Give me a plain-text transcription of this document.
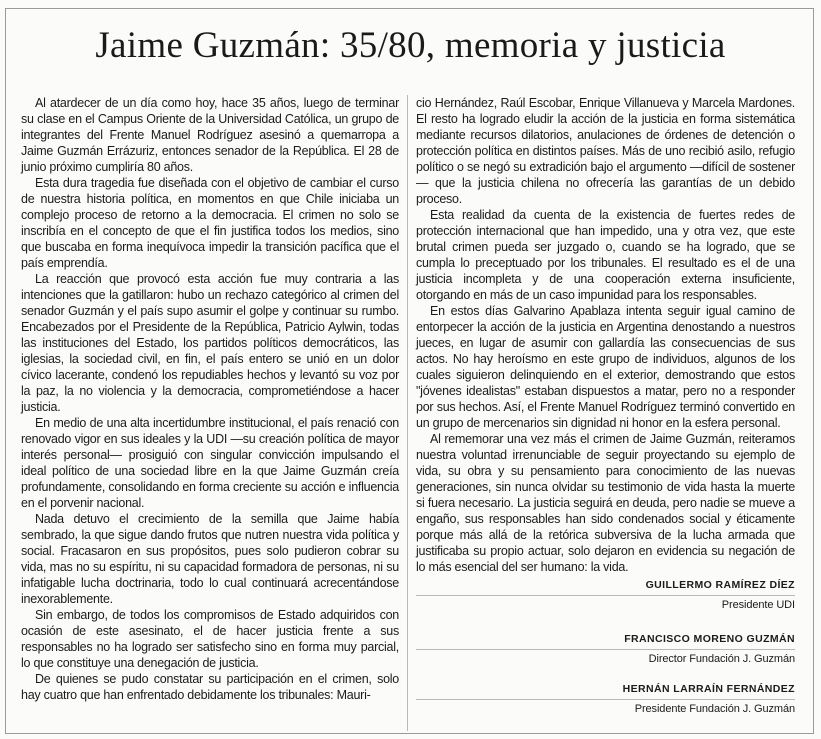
Jaime Guzmán: 35/80, memoria y justicia

Al atardecer de un día como hoy, hace 35 años, luego de terminar su clase en el Campus Oriente de la Universidad Católica, un grupo de integrantes del Frente Manuel Rodríguez asesinó a quemarropa a Jaime Guzmán Errázuriz, entonces senador de la República. El 28 de junio próximo cumpliría 80 años.

Esta dura tragedia fue diseñada con el objetivo de cambiar el curso de nuestra historia política, en momentos en que Chile iniciaba un complejo proceso de retorno a la democracia. El crimen no solo se inscribía en el concepto de que el fin justifica todos los medios, sino que buscaba en forma inequívoca impedir la transición pacífica que el país emprendía.

La reacción que provocó esta acción fue muy contraria a las intenciones que la gatillaron: hubo un rechazo categórico al crimen del senador Guzmán y el país supo asumir el golpe y continuar su rumbo. Encabezados por el Presidente de la República, Patricio Aylwin, todas las instituciones del Estado, los partidos políticos democráticos, las iglesias, la sociedad civil, en fin, el país entero se unió en un dolor cívico lacerante, condenó los repudiables hechos y levantó su voz por la paz, la no violencia y la democracia, comprometiéndose a hacer justicia.

En medio de una alta incertidumbre institucional, el país renació con renovado vigor en sus ideales y la UDI —su creación política de mayor interés personal— prosiguió con singular convicción impulsando el ideal político de una sociedad libre en la que Jaime Guzmán creía profundamente, consolidando en forma creciente su acción e influencia en el porvenir nacional.

Nada detuvo el crecimiento de la semilla que Jaime había sembrado, la que sigue dando frutos que nutren nuestra vida política y social. Fracasaron en sus propósitos, pues solo pudieron cobrar su vida, mas no su espíritu, ni su capacidad formadora de personas, ni su infatigable lucha doctrinaria, todo lo cual continuará acrecentándose inexorablemente.

Sin embargo, de todos los compromisos de Estado adquiridos con ocasión de este asesinato, el de hacer justicia frente a sus responsables no ha logrado ser satisfecho sino en forma muy parcial, lo que constituye una denegación de justicia.

De quienes se pudo constatar su participación en el crimen, solo hay cuatro que han enfrentado debidamente los tribunales: Mauri-

cio Hernández, Raúl Escobar, Enrique Villanueva y Marcela Mardones. El resto ha logrado eludir la acción de la justicia en forma sistemática mediante recursos dilatorios, anulaciones de órdenes de detención o protección política en distintos países. Más de uno recibió asilo, refugio político o se negó su extradición bajo el argumento —difícil de sostener— que la justicia chilena no ofrecería las garantías de un debido proceso.

Esta realidad da cuenta de la existencia de fuertes redes de protección internacional que han impedido, una y otra vez, que este brutal crimen pueda ser juzgado o, cuando se ha logrado, que se cumpla lo preceptuado por los tribunales. El resultado es el de una justicia incompleta y de una cooperación externa insuficiente, otorgando en más de un caso impunidad para los responsables.

En estos días Galvarino Apablaza intenta seguir igual camino de entorpecer la acción de la justicia en Argentina denostando a nuestros jueces, en lugar de asumir con gallardía las consecuencias de sus actos. No hay heroísmo en este grupo de individuos, algunos de los cuales siguieron delinquiendo en el exterior, demostrando que estos "jóvenes idealistas" estaban dispuestos a matar, pero no a responder por sus hechos. Así, el Frente Manuel Rodríguez terminó convertido en un grupo de mercenarios sin dignidad ni honor en la esfera personal.

Al rememorar una vez más el crimen de Jaime Guzmán, reiteramos nuestra voluntad irrenunciable de seguir proyectando su ejemplo de vida, su obra y su pensamiento para conocimiento de las nuevas generaciones, sin nunca olvidar su testimonio de vida hasta la muerte si fuera necesario. La justicia seguirá en deuda, pero nadie se mueve a engaño, sus responsables han sido condenados social y éticamente porque más allá de la retórica subversiva de la lucha armada que justificaba su propio actuar, solo dejaron en evidencia su negación de lo más esencial del ser humano: la vida.

GUILLERMO RAMÍREZ DÍEZ
Presidente UDI
FRANCISCO MORENO GUZMÁN
Director Fundación J. Guzmán
HERNÁN LARRAÍN FERNÁNDEZ
Presidente Fundación J. Guzmán
